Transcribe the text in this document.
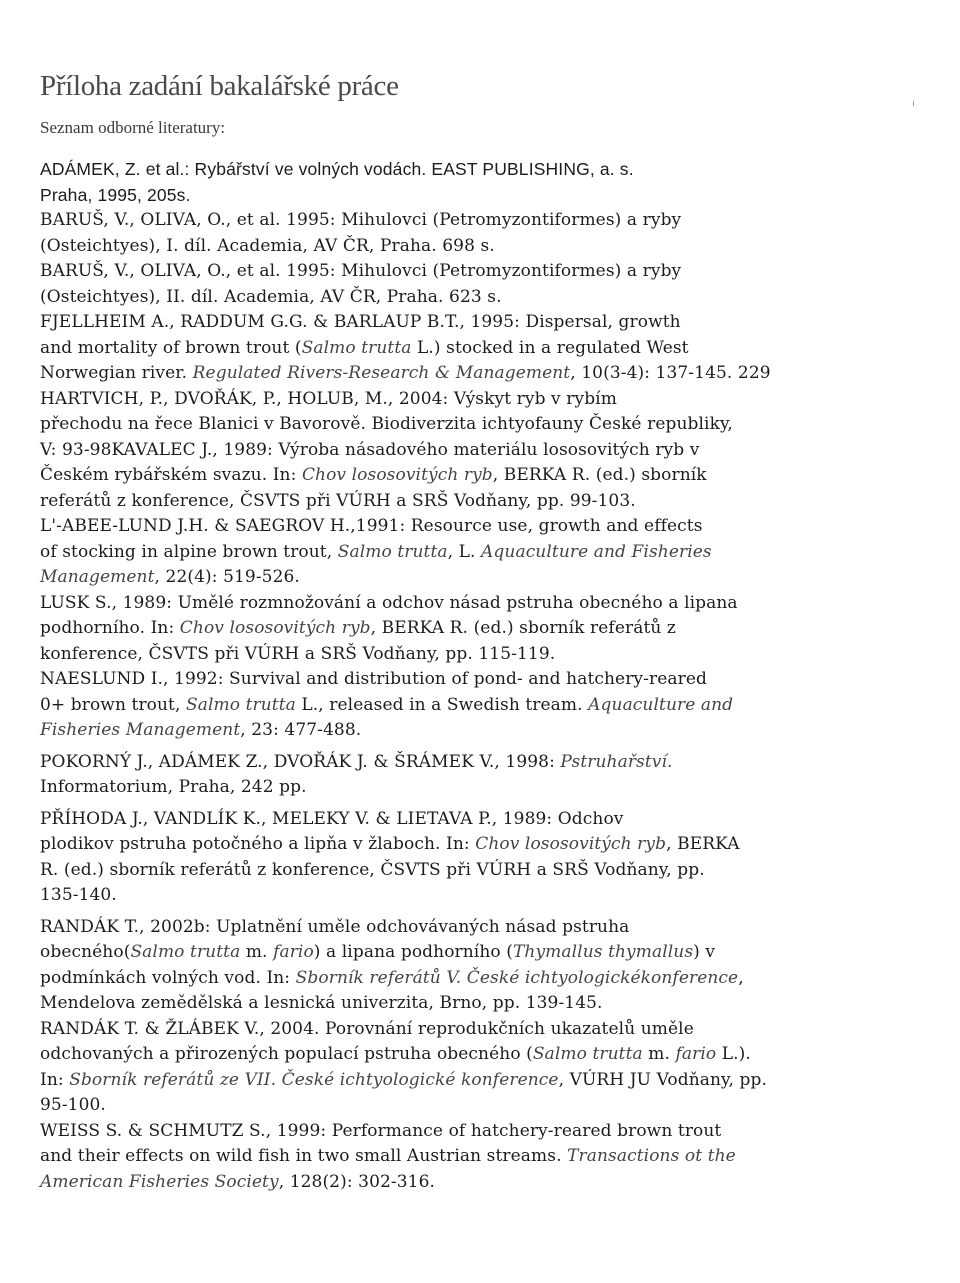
Příloha zadání bakalářské práce
Seznam odborné literatury:
ADÁMEK, Z. et al.: Rybářství ve volných vodách. EAST PUBLISHING, a. s.
Praha, 1995, 205s.
BARUŠ, V., OLIVA, O., et al. 1995: Mihulovci (Petromyzontiformes) a ryby
(Osteichtyes), I. díl. Academia, AV ČR, Praha. 698 s.
BARUŠ, V., OLIVA, O., et al. 1995: Mihulovci (Petromyzontiformes) a ryby
(Osteichtyes), II. díl. Academia, AV ČR, Praha. 623 s.
FJELLHEIM A., RADDUM G.G. & BARLAUP B.T., 1995: Dispersal, growth
and mortality of brown trout (Salmo trutta L.) stocked in a regulated West
Norwegian river. Regulated Rivers-Research & Management, 10(3-4): 137-145. 229
HARTVICH, P., DVOŘÁK, P., HOLUB, M., 2004: Výskyt ryb v rybím
přechodu na řece Blanici v Bavorově. Biodiverzita ichtyofauny České republiky,
V: 93-98KAVALEC J., 1989: Výroba násadového materiálu lososovitých ryb v
Českém rybářském svazu. In: Chov lososovitých ryb, BERKA R. (ed.) sborník
referátů z konference, ČSVTS při VÚRH a SRŠ Vodňany, pp. 99-103.
L'-ABEE-LUND J.H. & SAEGROV H.,1991: Resource use, growth and effects
of stocking in alpine brown trout, Salmo trutta, L. Aquaculture and Fisheries
Management, 22(4): 519-526.
LUSK S., 1989: Umělé rozmnožování a odchov násad pstruha obecného a lipana
podhorního. In: Chov lososovitých ryb, BERKA R. (ed.) sborník referátů z
konference, ČSVTS při VÚRH a SRŠ Vodňany, pp. 115-119.
NAESLUND I., 1992: Survival and distribution of pond- and hatchery-reared
0+ brown trout, Salmo trutta L., released in a Swedish tream. Aquaculture and
Fisheries Management, 23: 477-488.
POKORNÝ J., ADÁMEK Z., DVOŘÁK J. & ŠRÁMEK V., 1998: Pstruhařství.
Informatorium, Praha, 242 pp.
PŘÍHODA J., VANDLÍK K., MELEKY V. & LIETAVA P., 1989: Odchov
plodikov pstruha potočného a lipňa v žlaboch. In: Chov lososovitých ryb, BERKA
R. (ed.) sborník referátů z konference, ČSVTS při VÚRH a SRŠ Vodňany, pp.
135-140.
RANDÁK T., 2002b: Uplatnění uměle odchovávaných násad pstruha
obecného(Salmo trutta m. fario) a lipana podhorního (Thymallus thymallus) v
podmínkách volných vod. In: Sborník referátů V. České ichtyologickékonference,
Mendelova zemědělská a lesnická univerzita, Brno, pp. 139-145.
RANDÁK T. & ŽLÁBEK V., 2004. Porovnání reprodukčních ukazatelů uměle
odchovaných a přirozených populací pstruha obecného (Salmo trutta m. fario L.).
In: Sborník referátů ze VII. České ichtyologické konference, VÚRH JU Vodňany, pp.
95-100.
WEISS S. & SCHMUTZ S., 1999: Performance of hatchery-reared brown trout
and their effects on wild fish in two small Austrian streams. Transactions ot the
American Fisheries Society, 128(2): 302-316.
